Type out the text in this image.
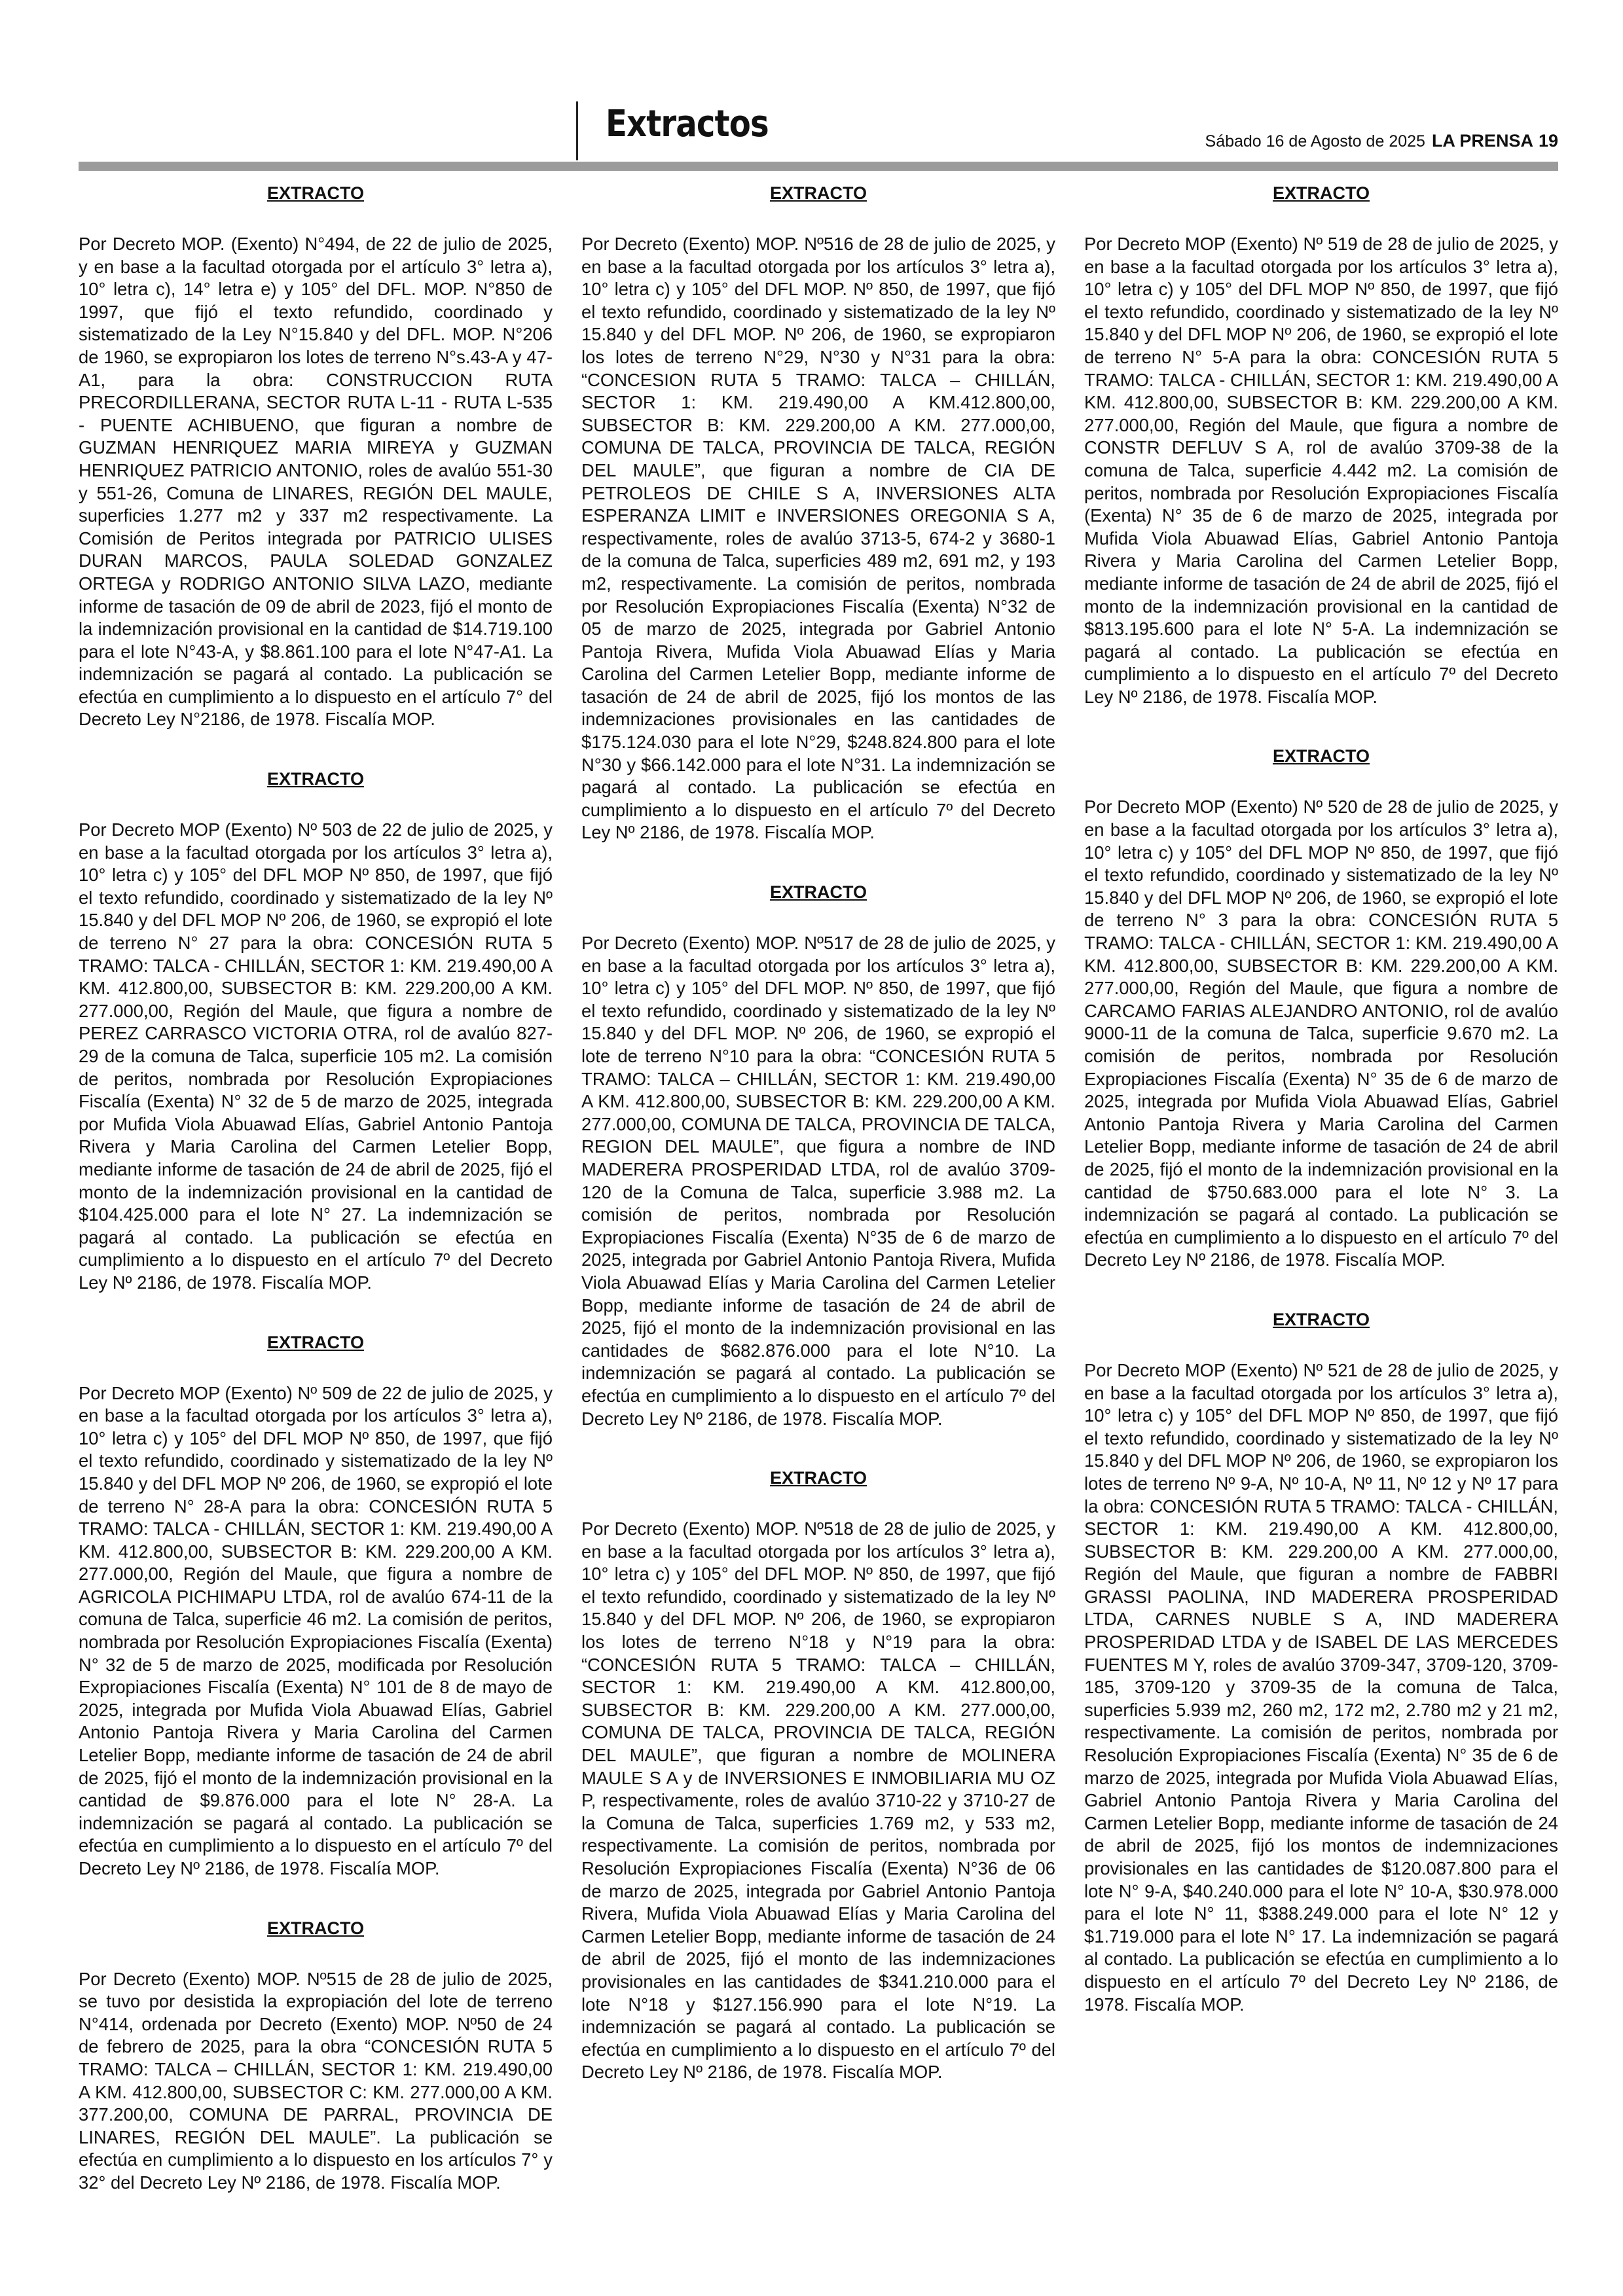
Extractos	Sábado 16 de Agosto de 2025 LA PRENSA 19
EXTRACTO
Por Decreto MOP. (Exento) N°494, de 22 de julio de 2025, y en base a la facultad otorgada por el artículo 3° letra a), 10° letra c), 14° letra e) y 105° del DFL. MOP. N°850 de 1997, que fijó el texto refundido, coordinado y sistematizado de la Ley N°15.840 y del DFL. MOP. N°206 de 1960, se expropiaron los lotes de terreno N°s.43-A y 47-A1, para la obra: CONSTRUCCION RUTA PRECORDILLERANA, SECTOR RUTA L-11 - RUTA L-535 - PUENTE ACHIBUENO, que figuran a nombre de GUZMAN HENRIQUEZ MARIA MIREYA y GUZMAN HENRIQUEZ PATRICIO ANTONIO, roles de avalúo 551-30 y 551-26, Comuna de LINARES, REGIÓN DEL MAULE, superficies 1.277 m2 y 337 m2 respectivamente. La Comisión de Peritos integrada por PATRICIO ULISES DURAN MARCOS, PAULA SOLEDAD GONZALEZ ORTEGA y RODRIGO ANTONIO SILVA LAZO, mediante informe de tasación de 09 de abril de 2023, fijó el monto de la indemnización provisional en la cantidad de $14.719.100 para el lote N°43-A, y $8.861.100 para el lote N°47-A1. La indemnización se pagará al contado. La publicación se efectúa en cumplimiento a lo dispuesto en el artículo 7° del Decreto Ley N°2186, de 1978. Fiscalía MOP.
EXTRACTO
Por Decreto MOP (Exento) Nº 503 de 22 de julio de 2025, y en base a la facultad otorgada por los artículos 3° letra a), 10° letra c) y 105° del DFL MOP Nº 850, de 1997, que fijó el texto refundido, coordinado y sistematizado de la ley Nº 15.840 y del DFL MOP Nº 206, de 1960, se expropió el lote de terreno N° 27 para la obra: CONCESIÓN RUTA 5 TRAMO: TALCA - CHILLÁN, SECTOR 1: KM. 219.490,00 A KM. 412.800,00, SUBSECTOR B: KM. 229.200,00 A KM. 277.000,00, Región del Maule, que figura a nombre de PEREZ CARRASCO VICTORIA OTRA, rol de avalúo 827-29 de la comuna de Talca, superficie 105 m2. La comisión de peritos, nombrada por Resolución Expropiaciones Fiscalía (Exenta) N° 32 de 5 de marzo de 2025, integrada por Mufida Viola Abuawad Elías, Gabriel Antonio Pantoja Rivera y Maria Carolina del Carmen Letelier Bopp, mediante informe de tasación de 24 de abril de 2025, fijó el monto de la indemnización provisional en la cantidad de $104.425.000 para el lote N° 27. La indemnización se pagará al contado. La publicación se efectúa en cumplimiento a lo dispuesto en el artículo 7º del Decreto Ley Nº 2186, de 1978. Fiscalía MOP.
EXTRACTO
Por Decreto MOP (Exento) Nº 509 de 22 de julio de 2025, y en base a la facultad otorgada por los artículos 3° letra a), 10° letra c) y 105° del DFL MOP Nº 850, de 1997, que fijó el texto refundido, coordinado y sistematizado de la ley Nº 15.840 y del DFL MOP Nº 206, de 1960, se expropió el lote de terreno N° 28-A para la obra: CONCESIÓN RUTA 5 TRAMO: TALCA - CHILLÁN, SECTOR 1: KM. 219.490,00 A KM. 412.800,00, SUBSECTOR B: KM. 229.200,00 A KM. 277.000,00, Región del Maule, que figura a nombre de AGRICOLA PICHIMAPU LTDA, rol de avalúo 674-11 de la comuna de Talca, superficie 46 m2. La comisión de peritos, nombrada por Resolución Expropiaciones Fiscalía (Exenta) N° 32 de 5 de marzo de 2025, modificada por Resolución Expropiaciones Fiscalía (Exenta) N° 101 de 8 de mayo de 2025, integrada por Mufida Viola Abuawad Elías, Gabriel Antonio Pantoja Rivera y Maria Carolina del Carmen Letelier Bopp, mediante informe de tasación de 24 de abril de 2025, fijó el monto de la indemnización provisional en la cantidad de $9.876.000 para el lote N° 28-A. La indemnización se pagará al contado. La publicación se efectúa en cumplimiento a lo dispuesto en el artículo 7º del Decreto Ley Nº 2186, de 1978. Fiscalía MOP.
EXTRACTO
Por Decreto (Exento) MOP. Nº515 de 28 de julio de 2025, se tuvo por desistida la expropiación del lote de terreno N°414, ordenada por Decreto (Exento) MOP. Nº50 de 24 de febrero de 2025, para la obra “CONCESIÓN RUTA 5 TRAMO: TALCA – CHILLÁN, SECTOR 1: KM. 219.490,00 A KM. 412.800,00, SUBSECTOR C: KM. 277.000,00 A KM. 377.200,00, COMUNA DE PARRAL, PROVINCIA DE LINARES, REGIÓN DEL MAULE”. La publicación se efectúa en cumplimiento a lo dispuesto en los artículos 7° y 32° del Decreto Ley Nº 2186, de 1978. Fiscalía MOP.
EXTRACTO
Por Decreto (Exento) MOP. Nº516 de 28 de julio de 2025, y en base a la facultad otorgada por los artículos 3° letra a), 10° letra c) y 105° del DFL MOP. Nº 850, de 1997, que fijó el texto refundido, coordinado y sistematizado de la ley Nº 15.840 y del DFL MOP. Nº 206, de 1960, se expropiaron los lotes de terreno N°29, N°30 y N°31 para la obra: “CONCESION RUTA 5 TRAMO: TALCA – CHILLÁN, SECTOR 1: KM. 219.490,00 A KM.412.800,00, SUBSECTOR B: KM. 229.200,00 A KM. 277.000,00, COMUNA DE TALCA, PROVINCIA DE TALCA, REGIÓN DEL MAULE”, que figuran a nombre de CIA DE PETROLEOS DE CHILE S A, INVERSIONES ALTA ESPERANZA LIMIT e INVERSIONES OREGONIA S A, respectivamente, roles de avalúo 3713-5, 674-2 y 3680-1 de la comuna de Talca, superficies 489 m2, 691 m2, y 193 m2, respectivamente. La comisión de peritos, nombrada por Resolución Expropiaciones Fiscalía (Exenta) N°32 de 05 de marzo de 2025, integrada por Gabriel Antonio Pantoja Rivera, Mufida Viola Abuawad Elías y Maria Carolina del Carmen Letelier Bopp, mediante informe de tasación de 24 de abril de 2025, fijó los montos de las indemnizaciones provisionales en las cantidades de $175.124.030 para el lote N°29, $248.824.800 para el lote N°30 y $66.142.000 para el lote N°31. La indemnización se pagará al contado. La publicación se efectúa en cumplimiento a lo dispuesto en el artículo 7º del Decreto Ley Nº 2186, de 1978. Fiscalía MOP.
EXTRACTO
Por Decreto (Exento) MOP. Nº517 de 28 de julio de 2025, y en base a la facultad otorgada por los artículos 3° letra a), 10° letra c) y 105° del DFL MOP. Nº 850, de 1997, que fijó el texto refundido, coordinado y sistematizado de la ley Nº 15.840 y del DFL MOP. Nº 206, de 1960, se expropió el lote de terreno N°10 para la obra: “CONCESIÓN RUTA 5 TRAMO: TALCA – CHILLÁN, SECTOR 1: KM. 219.490,00 A KM. 412.800,00, SUBSECTOR B: KM. 229.200,00 A KM. 277.000,00, COMUNA DE TALCA, PROVINCIA DE TALCA, REGION DEL MAULE”, que figura a nombre de IND MADERERA PROSPERIDAD LTDA, rol de avalúo 3709-120 de la Comuna de Talca, superficie 3.988 m2. La comisión de peritos, nombrada por Resolución Expropiaciones Fiscalía (Exenta) N°35 de 6 de marzo de 2025, integrada por Gabriel Antonio Pantoja Rivera, Mufida Viola Abuawad Elías y Maria Carolina del Carmen Letelier Bopp, mediante informe de tasación de 24 de abril de 2025, fijó el monto de la indemnización provisional en las cantidades de $682.876.000 para el lote N°10. La indemnización se pagará al contado. La publicación se efectúa en cumplimiento a lo dispuesto en el artículo 7º del Decreto Ley Nº 2186, de 1978. Fiscalía MOP.
EXTRACTO
Por Decreto (Exento) MOP. Nº518 de 28 de julio de 2025, y en base a la facultad otorgada por los artículos 3° letra a), 10° letra c) y 105° del DFL MOP. Nº 850, de 1997, que fijó el texto refundido, coordinado y sistematizado de la ley Nº 15.840 y del DFL MOP. Nº 206, de 1960, se expropiaron los lotes de terreno N°18 y N°19 para la obra: “CONCESIÓN RUTA 5 TRAMO: TALCA – CHILLÁN, SECTOR 1: KM. 219.490,00 A KM. 412.800,00, SUBSECTOR B: KM. 229.200,00 A KM. 277.000,00, COMUNA DE TALCA, PROVINCIA DE TALCA, REGIÓN DEL MAULE”, que figuran a nombre de MOLINERA MAULE S A y de INVERSIONES E INMOBILIARIA MU OZ P, respectivamente, roles de avalúo 3710-22 y 3710-27 de la Comuna de Talca, superficies 1.769 m2, y 533 m2, respectivamente. La comisión de peritos, nombrada por Resolución Expropiaciones Fiscalía (Exenta) N°36 de 06 de marzo de 2025, integrada por Gabriel Antonio Pantoja Rivera, Mufida Viola Abuawad Elías y Maria Carolina del Carmen Letelier Bopp, mediante informe de tasación de 24 de abril de 2025, fijó el monto de las indemnizaciones provisionales en las cantidades de $341.210.000 para el lote N°18 y $127.156.990 para el lote N°19. La indemnización se pagará al contado. La publicación se efectúa en cumplimiento a lo dispuesto en el artículo 7º del Decreto Ley Nº 2186, de 1978. Fiscalía MOP.
EXTRACTO
Por Decreto MOP (Exento) Nº 519 de 28 de julio de 2025, y en base a la facultad otorgada por los artículos 3° letra a), 10° letra c) y 105° del DFL MOP Nº 850, de 1997, que fijó el texto refundido, coordinado y sistematizado de la ley Nº 15.840 y del DFL MOP Nº 206, de 1960, se expropió el lote de terreno N° 5-A para la obra: CONCESIÓN RUTA 5 TRAMO: TALCA - CHILLÁN, SECTOR 1: KM. 219.490,00 A KM. 412.800,00, SUBSECTOR B: KM. 229.200,00 A KM. 277.000,00, Región del Maule, que figura a nombre de CONSTR DEFLUV S A, rol de avalúo 3709-38 de la comuna de Talca, superficie 4.442 m2. La comisión de peritos, nombrada por Resolución Expropiaciones Fiscalía (Exenta) N° 35 de 6 de marzo de 2025, integrada por Mufida Viola Abuawad Elías, Gabriel Antonio Pantoja Rivera y Maria Carolina del Carmen Letelier Bopp, mediante informe de tasación de 24 de abril de 2025, fijó el monto de la indemnización provisional en la cantidad de $813.195.600 para el lote N° 5-A. La indemnización se pagará al contado. La publicación se efectúa en cumplimiento a lo dispuesto en el artículo 7º del Decreto Ley Nº 2186, de 1978. Fiscalía MOP.
EXTRACTO
Por Decreto MOP (Exento) Nº 520 de 28 de julio de 2025, y en base a la facultad otorgada por los artículos 3° letra a), 10° letra c) y 105° del DFL MOP Nº 850, de 1997, que fijó el texto refundido, coordinado y sistematizado de la ley Nº 15.840 y del DFL MOP Nº 206, de 1960, se expropió el lote de terreno N° 3 para la obra: CONCESIÓN RUTA 5 TRAMO: TALCA - CHILLÁN, SECTOR 1: KM. 219.490,00 A KM. 412.800,00, SUBSECTOR B: KM. 229.200,00 A KM. 277.000,00, Región del Maule, que figura a nombre de CARCAMO FARIAS ALEJANDRO ANTONIO, rol de avalúo 9000-11 de la comuna de Talca, superficie 9.670 m2. La comisión de peritos, nombrada por Resolución Expropiaciones Fiscalía (Exenta) N° 35 de 6 de marzo de 2025, integrada por Mufida Viola Abuawad Elías, Gabriel Antonio Pantoja Rivera y Maria Carolina del Carmen Letelier Bopp, mediante informe de tasación de 24 de abril de 2025, fijó el monto de la indemnización provisional en la cantidad de $750.683.000 para el lote N° 3. La indemnización se pagará al contado. La publicación se efectúa en cumplimiento a lo dispuesto en el artículo 7º del Decreto Ley Nº 2186, de 1978. Fiscalía MOP.
EXTRACTO
Por Decreto MOP (Exento) Nº 521 de 28 de julio de 2025, y en base a la facultad otorgada por los artículos 3° letra a), 10° letra c) y 105° del DFL MOP Nº 850, de 1997, que fijó el texto refundido, coordinado y sistematizado de la ley Nº 15.840 y del DFL MOP Nº 206, de 1960, se expropiaron los lotes de terreno Nº 9-A, Nº 10-A, Nº 11, Nº 12 y Nº 17 para la obra: CONCESIÓN RUTA 5 TRAMO: TALCA - CHILLÁN, SECTOR 1: KM. 219.490,00 A KM. 412.800,00, SUBSECTOR B: KM. 229.200,00 A KM. 277.000,00, Región del Maule, que figuran a nombre de FABBRI GRASSI PAOLINA, IND MADERERA PROSPERIDAD LTDA, CARNES NUBLE S A, IND MADERERA PROSPERIDAD LTDA y de ISABEL DE LAS MERCEDES FUENTES M Y, roles de avalúo 3709-347, 3709-120, 3709-185, 3709-120 y 3709-35 de la comuna de Talca, superficies 5.939 m2, 260 m2, 172 m2, 2.780 m2 y 21 m2, respectivamente. La comisión de peritos, nombrada por Resolución Expropiaciones Fiscalía (Exenta) N° 35 de 6 de marzo de 2025, integrada por Mufida Viola Abuawad Elías, Gabriel Antonio Pantoja Rivera y Maria Carolina del Carmen Letelier Bopp, mediante informe de tasación de 24 de abril de 2025, fijó los montos de indemnizaciones provisionales en las cantidades de $120.087.800 para el lote N° 9-A, $40.240.000 para el lote N° 10-A, $30.978.000 para el lote N° 11, $388.249.000 para el lote N° 12 y $1.719.000 para el lote N° 17. La indemnización se pagará al contado. La publicación se efectúa en cumplimiento a lo dispuesto en el artículo 7º del Decreto Ley Nº 2186, de 1978. Fiscalía MOP.
